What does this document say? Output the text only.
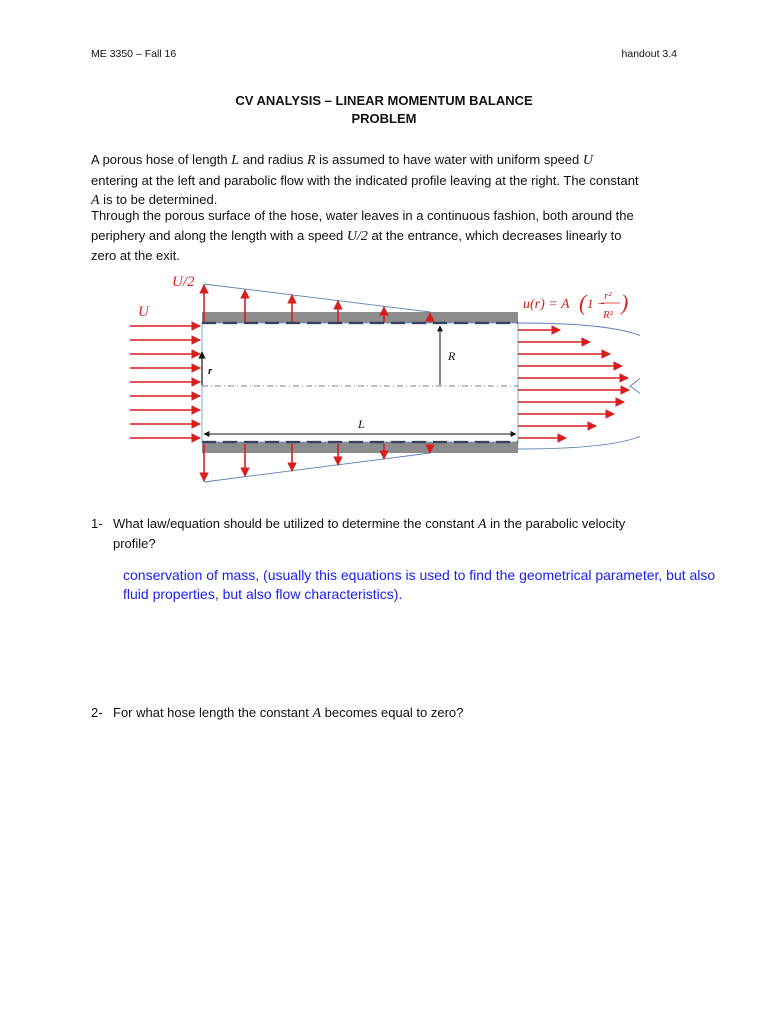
ME 3350 – Fall 16	handout 3.4
CV ANALYSIS – LINEAR MOMENTUM BALANCE
PROBLEM
A porous hose of length L and radius R is assumed to have water with uniform speed U
entering at the left and parabolic flow with the indicated profile leaving at the right. The constant
A is to be determined.
Through the porous surface of the hose, water leaves in a continuous fashion, both around the
periphery and along the length with a speed U/2 at the entrance, which decreases linearly to
zero at the exit.
U/2
U
r
R
L
u(r) = A ( 1 −
r²
R² )
1- What law/equation should be utilized to determine the constant A in the parabolic velocity
profile?
conservation of mass, (usually this equations is used to find the geometrical parameter, but also
fluid properties, but also flow characteristics).
2- For what hose length the constant A becomes equal to zero?
